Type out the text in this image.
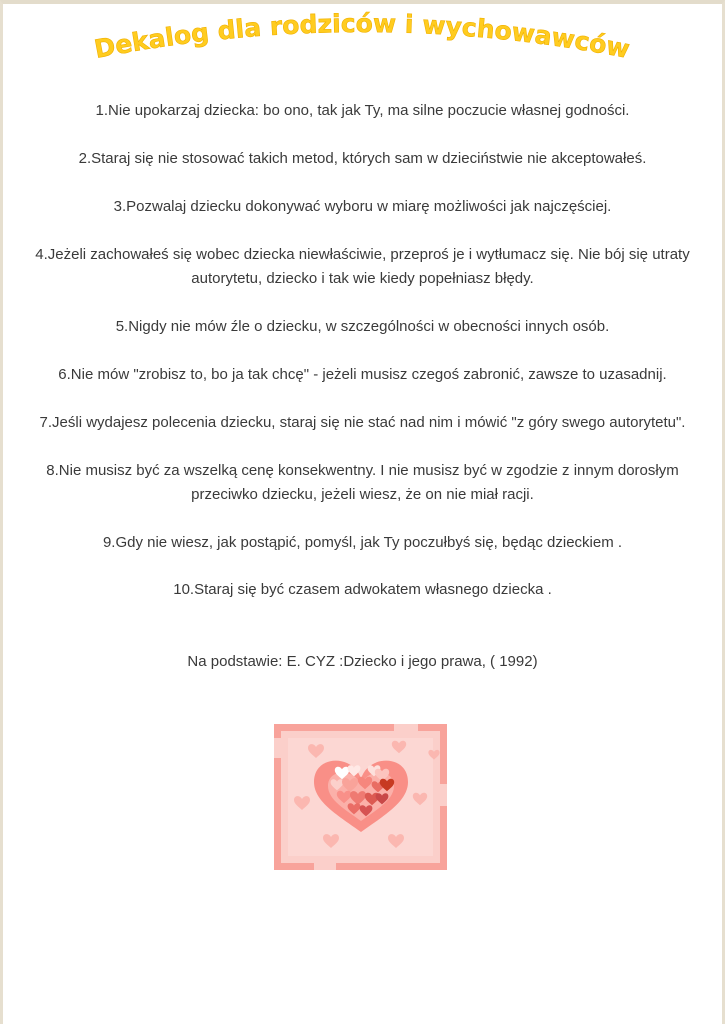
Dekalog dla rodziców i wychowawców
1.Nie upokarzaj dziecka: bo ono, tak jak Ty, ma silne poczucie własnej godności.
2.Staraj się nie stosować takich metod, których sam w dzieciństwie nie akceptowałeś.
3.Pozwalaj dziecku dokonywać wyboru w miarę możliwości jak najczęściej.
4.Jeżeli zachowałeś się wobec dziecka niewłaściwie, przeproś je i wytłumacz się. Nie bój się utraty autorytetu, dziecko i tak wie kiedy popełniasz błędy.
5.Nigdy nie mów źle o dziecku, w szczególności w obecności innych osób.
6.Nie mów "zrobisz to, bo ja tak chcę" - jeżeli musisz czegoś zabronić, zawsze to uzasadnij.
7.Jeśli wydajesz polecenia dziecku, staraj się nie stać nad nim i mówić "z góry swego autorytetu".
8.Nie musisz być za wszelką cenę konsekwentny. I nie musisz być w zgodzie z innym dorosłym przeciwko dziecku, jeżeli wiesz, że on nie miał racji.
9.Gdy nie wiesz, jak postąpić, pomyśl, jak Ty poczułbyś się, będąc dzieckiem .
10.Staraj się być czasem adwokatem własnego dziecka .
Na podstawie: E. CYZ :Dziecko i jego prawa, ( 1992)
